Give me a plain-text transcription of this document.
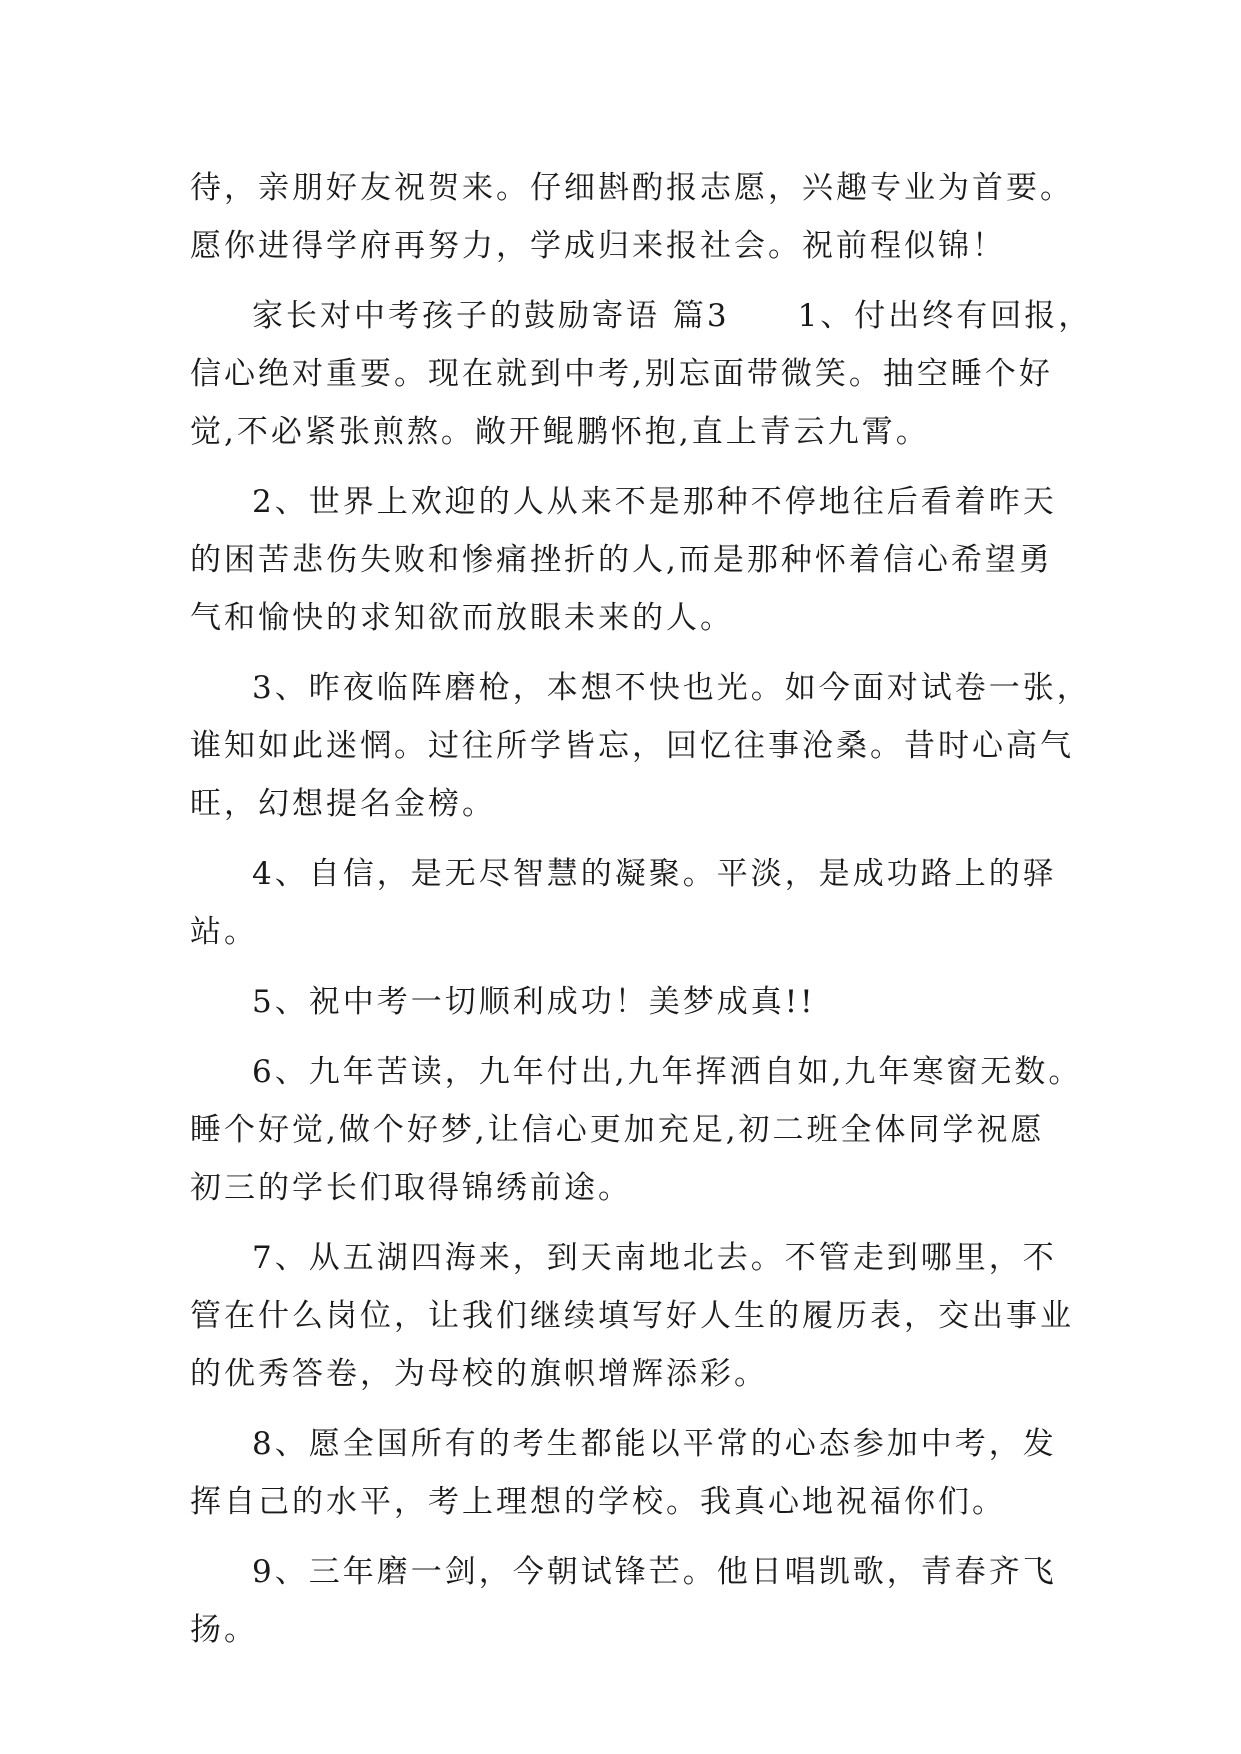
待，亲朋好友祝贺来。仔细斟酌报志愿，兴趣专业为首要。
愿你进得学府再努力，学成归来报社会。祝前程似锦！
家长对中考孩子的鼓励寄语 篇3　　1、付出终有回报，
信心绝对重要。现在就到中考,别忘面带微笑。抽空睡个好
觉,不必紧张煎熬。敞开鲲鹏怀抱,直上青云九霄。
2、世界上欢迎的人从来不是那种不停地往后看着昨天
的困苦悲伤失败和惨痛挫折的人,而是那种怀着信心希望勇
气和愉快的求知欲而放眼未来的人。
3、昨夜临阵磨枪，本想不快也光。如今面对试卷一张，
谁知如此迷惘。过往所学皆忘，回忆往事沧桑。昔时心高气
旺，幻想提名金榜。
4、自信，是无尽智慧的凝聚。平淡，是成功路上的驿
站。
5、祝中考一切顺利成功！美梦成真!!
6、九年苦读，九年付出,九年挥洒自如,九年寒窗无数。
睡个好觉,做个好梦,让信心更加充足,初二班全体同学祝愿
初三的学长们取得锦绣前途。
7、从五湖四海来，到天南地北去。不管走到哪里，不
管在什么岗位，让我们继续填写好人生的履历表，交出事业
的优秀答卷，为母校的旗帜增辉添彩。
8、愿全国所有的考生都能以平常的心态参加中考，发
挥自己的水平，考上理想的学校。我真心地祝福你们。
9、三年磨一剑，今朝试锋芒。他日唱凯歌，青春齐飞
扬。
